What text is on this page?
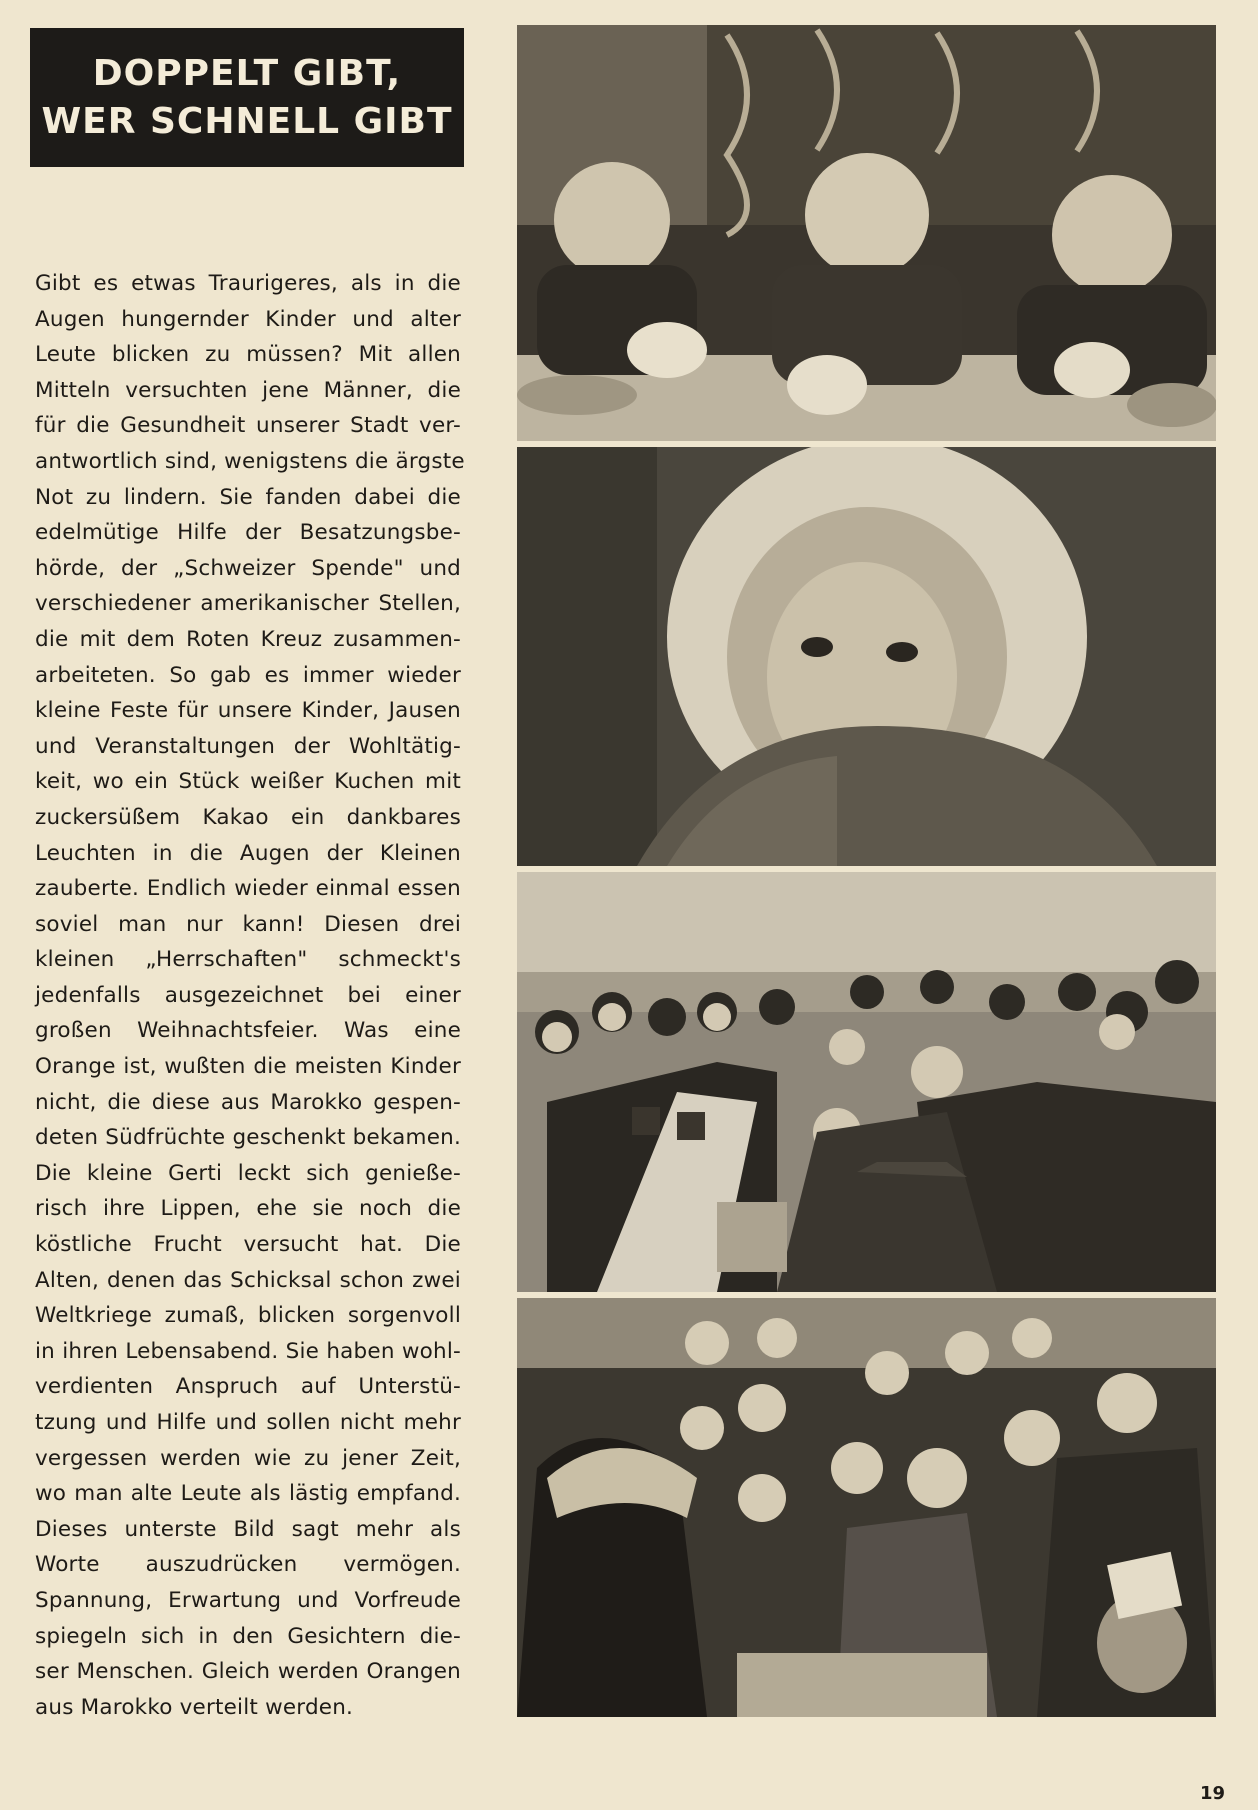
DOPPELT GIBT,
WER SCHNELL GIBT
Gibt es etwas Traurigeres, als in die
Augen hungernder Kinder und alter
Leute blicken zu müssen? Mit allen
Mitteln versuchten jene Männer, die
für die Gesundheit unserer Stadt ver-
antwortlich sind, wenigstens die ärgste
Not zu lindern. Sie fanden dabei die
edelmütige Hilfe der Besatzungsbe-
hörde, der „Schweizer Spende" und
verschiedener amerikanischer Stellen,
die mit dem Roten Kreuz zusammen-
arbeiteten. So gab es immer wieder
kleine Feste für unsere Kinder, Jausen
und Veranstaltungen der Wohltätig-
keit, wo ein Stück weißer Kuchen mit
zuckersüßem Kakao ein dankbares
Leuchten in die Augen der Kleinen
zauberte. Endlich wieder einmal essen
soviel man nur kann! Diesen drei
kleinen „Herrschaften" schmeckt's
jedenfalls ausgezeichnet bei einer
großen Weihnachtsfeier. Was eine
Orange ist, wußten die meisten Kinder
nicht, die diese aus Marokko gespen-
deten Südfrüchte geschenkt bekamen.
Die kleine Gerti leckt sich genieße-
risch ihre Lippen, ehe sie noch die
köstliche Frucht versucht hat. Die
Alten, denen das Schicksal schon zwei
Weltkriege zumaß, blicken sorgenvoll
in ihren Lebensabend. Sie haben wohl-
verdienten Anspruch auf Unterstü-
tzung und Hilfe und sollen nicht mehr
vergessen werden wie zu jener Zeit,
wo man alte Leute als lästig empfand.
Dieses unterste Bild sagt mehr als
Worte auszudrücken vermögen.
Spannung, Erwartung und Vorfreude
spiegeln sich in den Gesichtern die-
ser Menschen. Gleich werden Orangen
aus Marokko verteilt werden.
19
